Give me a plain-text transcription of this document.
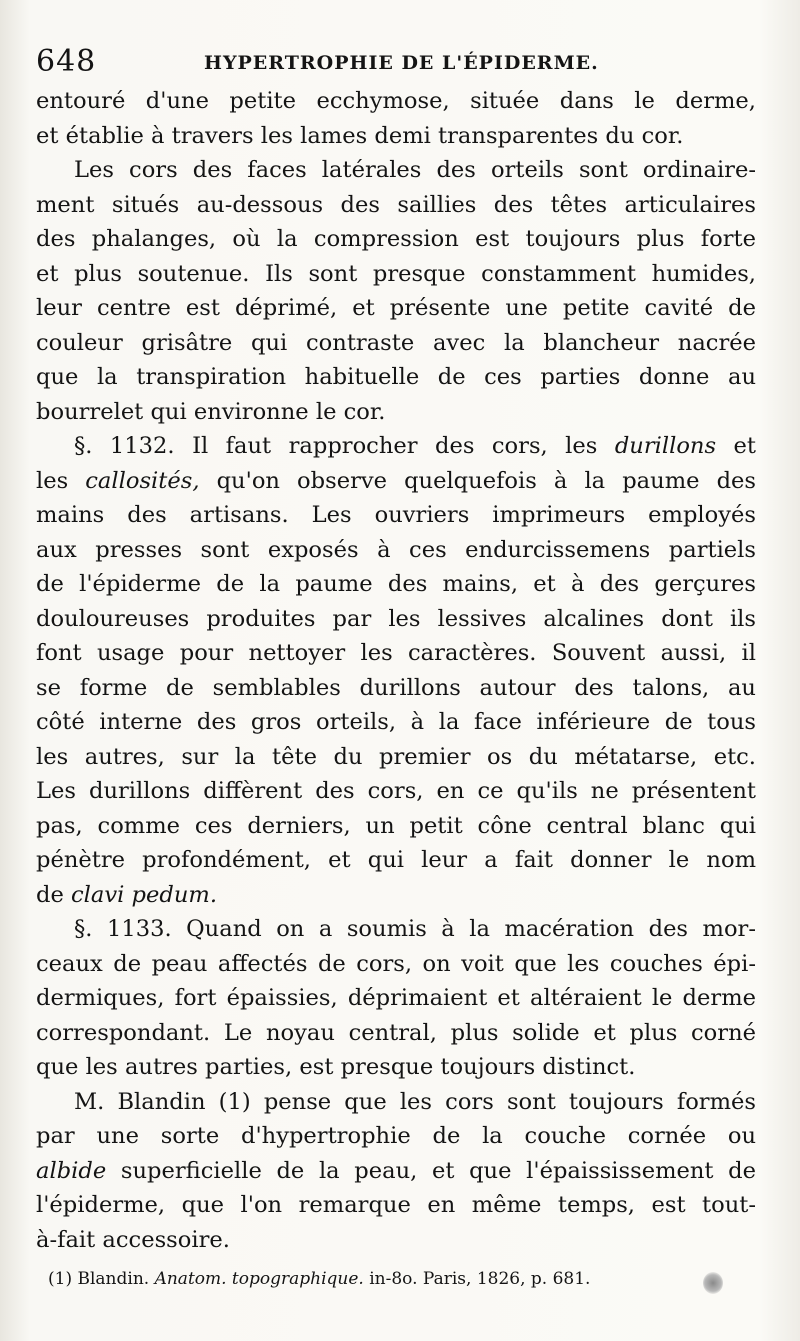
648	HYPERTROPHIE DE L'ÉPIDERME.
entouré d'une petite ecchymose, située dans le derme,
et établie à travers les lames demi transparentes du cor.
Les cors des faces latérales des orteils sont ordinaire-
ment situés au-dessous des saillies des têtes articulaires
des phalanges, où la compression est toujours plus forte
et plus soutenue. Ils sont presque constamment humides,
leur centre est déprimé, et présente une petite cavité de
couleur grisâtre qui contraste avec la blancheur nacrée
que la transpiration habituelle de ces parties donne au
bourrelet qui environne le cor.
§. 1132. Il faut rapprocher des cors, les durillons et
les callosités, qu'on observe quelquefois à la paume des
mains des artisans. Les ouvriers imprimeurs employés
aux presses sont exposés à ces endurcissemens partiels
de l'épiderme de la paume des mains, et à des gerçures
douloureuses produites par les lessives alcalines dont ils
font usage pour nettoyer les caractères. Souvent aussi, il
se forme de semblables durillons autour des talons, au
côté interne des gros orteils, à la face inférieure de tous
les autres, sur la tête du premier os du métatarse, etc.
Les durillons diffèrent des cors, en ce qu'ils ne présentent
pas, comme ces derniers, un petit cône central blanc qui
pénètre profondément, et qui leur a fait donner le nom
de clavi pedum.
§. 1133. Quand on a soumis à la macération des mor-
ceaux de peau affectés de cors, on voit que les couches épi-
dermiques, fort épaissies, déprimaient et altéraient le derme
correspondant. Le noyau central, plus solide et plus corné
que les autres parties, est presque toujours distinct.
M. Blandin (1) pense que les cors sont toujours formés
par une sorte d'hypertrophie de la couche cornée ou
albide superficielle de la peau, et que l'épaississement de
l'épiderme, que l'on remarque en même temps, est tout-
à-fait accessoire.
(1) Blandin. Anatom. topographique. in-8o. Paris, 1826, p. 681.
